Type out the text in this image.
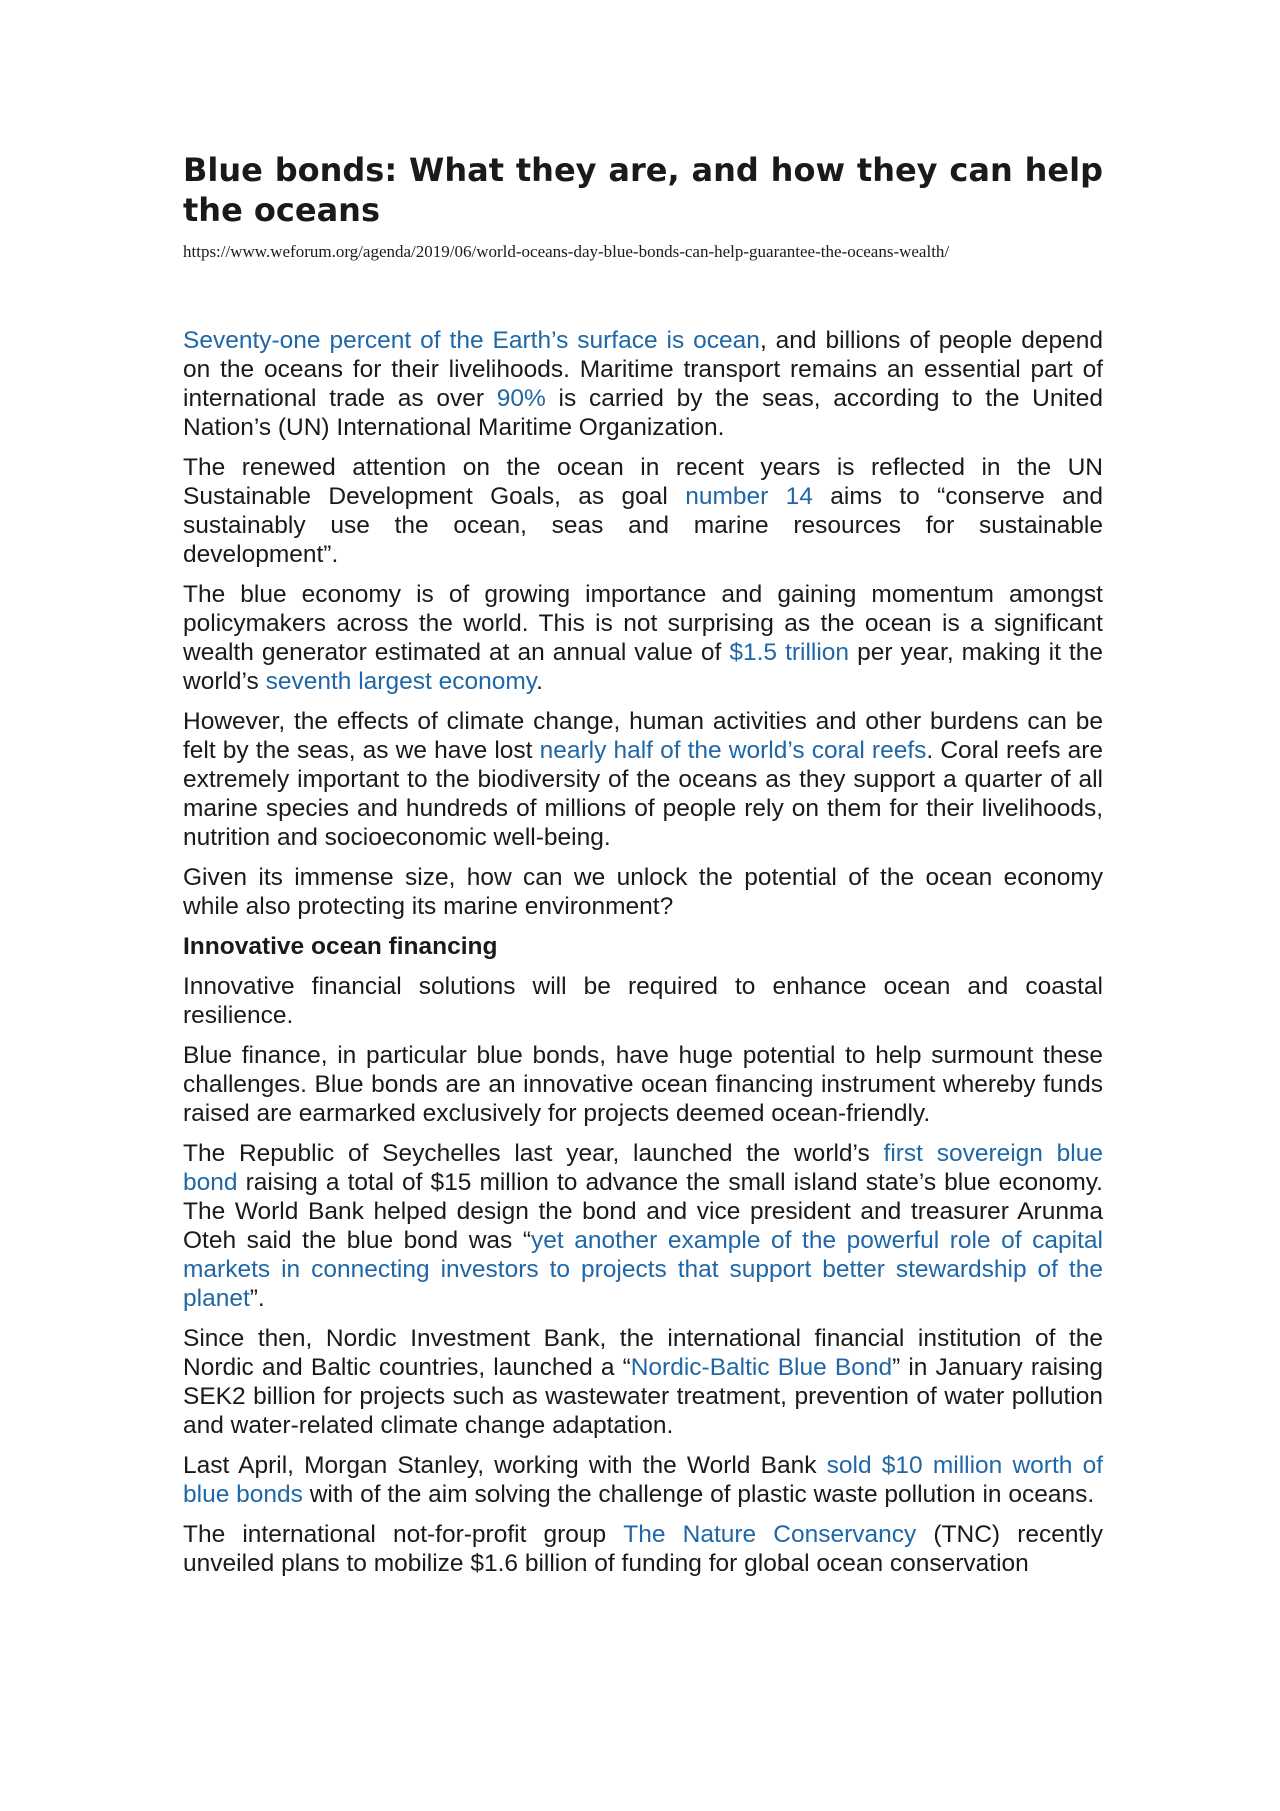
Blue bonds: What they are, and how they can help the oceans

https://www.weforum.org/agenda/2019/06/world-oceans-day-blue-bonds-can-help-guarantee-the-oceans-wealth/

Seventy-one percent of the Earth’s surface is ocean, and billions of people depend on the oceans for their livelihoods. Maritime transport remains an essential part of international trade as over 90% is carried by the seas, according to the United Nation’s (UN) International Maritime Organization.

The renewed attention on the ocean in recent years is reflected in the UN Sustainable Development Goals, as goal number 14 aims to “conserve and sustainably use the ocean, seas and marine resources for sustainable development”.

The blue economy is of growing importance and gaining momentum amongst policymakers across the world. This is not surprising as the ocean is a significant wealth generator estimated at an annual value of $1.5 trillion per year, making it the world’s seventh largest economy.

However, the effects of climate change, human activities and other burdens can be felt by the seas, as we have lost nearly half of the world’s coral reefs. Coral reefs are extremely important to the biodiversity of the oceans as they support a quarter of all marine species and hundreds of millions of people rely on them for their livelihoods, nutrition and socioeconomic well-being.

Given its immense size, how can we unlock the potential of the ocean economy while also protecting its marine environment?

Innovative ocean financing

Innovative financial solutions will be required to enhance ocean and coastal resilience.

Blue finance, in particular blue bonds, have huge potential to help surmount these challenges. Blue bonds are an innovative ocean financing instrument whereby funds raised are earmarked exclusively for projects deemed ocean-friendly.

The Republic of Seychelles last year, launched the world’s first sovereign blue bond raising a total of $15 million to advance the small island state’s blue economy. The World Bank helped design the bond and vice president and treasurer Arunma Oteh said the blue bond was “yet another example of the powerful role of capital markets in connecting investors to projects that support better stewardship of the planet”.

Since then, Nordic Investment Bank, the international financial institution of the Nordic and Baltic countries, launched a “Nordic-Baltic Blue Bond” in January raising SEK2 billion for projects such as wastewater treatment, prevention of water pollution and water-related climate change adaptation.

Last April, Morgan Stanley, working with the World Bank sold $10 million worth of blue bonds with of the aim solving the challenge of plastic waste pollution in oceans.

The international not-for-profit group The Nature Conservancy (TNC) recently unveiled plans to mobilize $1.6 billion of funding for global ocean conservation
